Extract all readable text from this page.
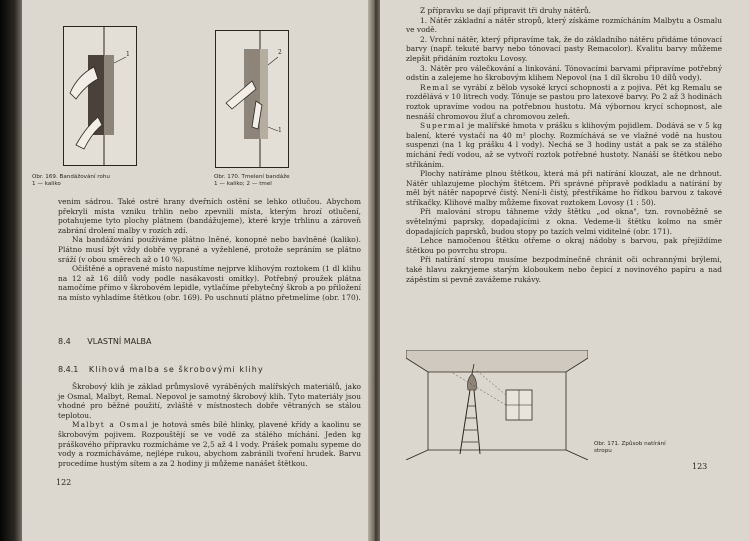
1
Obr. 169. Bandážování rohu
1 — kaliko
2
1
Obr. 170. Tmelení bandáže
1 — kaliko; 2 — tmel

venim sádrou. Také ostré hrany dveřních ostění se lehko otlučou. Abychom překryli místa vzniku trhlin nebo zpevnili místa, kterým hrozí otlučení, potahujeme tyto plochy plátnem (bandážujeme), které kryje trhlinu a zároveň zabrání drolení malby v rozích zdí.

Na bandážování používáme plátno lněné, konopné nebo bavlněné (kaliko). Plátno musí být vždy dobře vyprané a vyžehlené, protože sepráním se plátno sráží (v obou směrech až o 10 %).

Očištěné a opravené místo napustíme nejprve klihovým roztokem (1 dl klihu na 12 až 16 dílů vody podle nasákavosti omítky). Potřebný proužek plátna namočíme přímo v škrobovém lepidle, vytlačíme přebytečný škrob a po přiložení na místo vyhladíme štětkou (obr. 169). Po uschnutí plátno přetmelíme (obr. 170).

8.4 VLASTNÍ MALBA
8.4.1 Klihová malba se škrobovými klihy

Škrobový klih je základ průmyslově vyráběných malířských materiálů, jako je Osmal, Malbyt, Remal. Nepovol je samotný škrobový klih. Tyto materiály jsou vhodné pro běžné použití, zvláště v místnostech dobře větraných se stálou teplotou.

Malbyt a Osmal je hotová směs bílé hlinky, plavené křídy a kaolinu se škrobovým pojivem. Rozpouštějí se ve vodě za stálého míchání. Jeden kg práškového přípravku rozmícháme ve 2,5 až 4 l vody. Prášek pomalu sypeme do vody a rozmícháváme, nejlépe rukou, abychom zabránili tvoření hrudek. Barvu procedíme hustým sítem a za 2 hodiny ji můžeme nanášet štětkou.

122

Z přípravku se dají připravit tři druhy nátěrů.

1. Nátěr základní a nátěr stropů, který získáme rozmícháním Malbytu a Osmalu ve vodě.

2. Vrchní nátěr, který připravíme tak, že do základního nátěru přidáme tónovací barvy (např. tekuté barvy nebo tónovací pasty Remacolor). Kvalitu barvy můžeme zlepšit přidáním roztoku Lovosy.

3. Nátěr pro válečkování a linkování. Tónovacími barvami připravíme potřebný odstín a zalejeme ho škrobovým klihem Nepovol (na 1 díl škrobu 10 dílů vody).

Remal se vyrábí z bělob vysoké krycí schopnosti a z pojiva. Pět kg Remalu se rozdělává v 10 litrech vody. Tónuje se pastou pro latexové barvy. Po 2 až 3 hodinách roztok upravíme vodou na potřebnou hustotu. Má výbornou krycí schopnost, ale nesnáší chromovou žluť a chromovou zeleň.

Supermal je malířské hmota v prášku s klihovým pojidlem. Dodává se v 5 kg balení, které vystačí na 40 m² plochy. Rozmíchává se ve vlažné vodě na hustou suspenzi (na 1 kg prášku 4 l vody). Nechá se 3 hodiny ustát a pak se za stálého míchání ředí vodou, až se vytvoří roztok potřebné hustoty. Nanáší se štětkou nebo stříkáním.

Plochy natíráme plnou štětkou, která má při natírání klouzat, ale ne drhnout. Nátěr uhlazujeme plochým štětcem. Při správné přípravě podkladu a natírání by měl být nátěr napoprvé čistý. Není-li čistý, přestříkáme ho řídkou barvou z takové stříkačky. Klihové malby můžeme fixovat roztokem Lovosy (1 : 50).

Při malování stropu táhneme vždy štětku „od okna", tzn. rovnoběžně se světelnými paprsky, dopadajícími z okna. Vedeme-li štětku kolmo na směr dopadajících paprsků, budou stopy po tazích velmi viditelné (obr. 171).

Lehce namočenou štětku otřeme o okraj nádoby s barvou, pak přejíždíme štětkou po povrchu stropu.

Při natírání stropu musíme bezpodmínečně chránit oči ochrannými brýlemi, také hlavu zakryjeme starým kloboukem nebo čepicí z novinového papíru a nad zápěstím si pevně zavážeme rukávy.

Obr. 171. Způsob natírání
stropu
123
